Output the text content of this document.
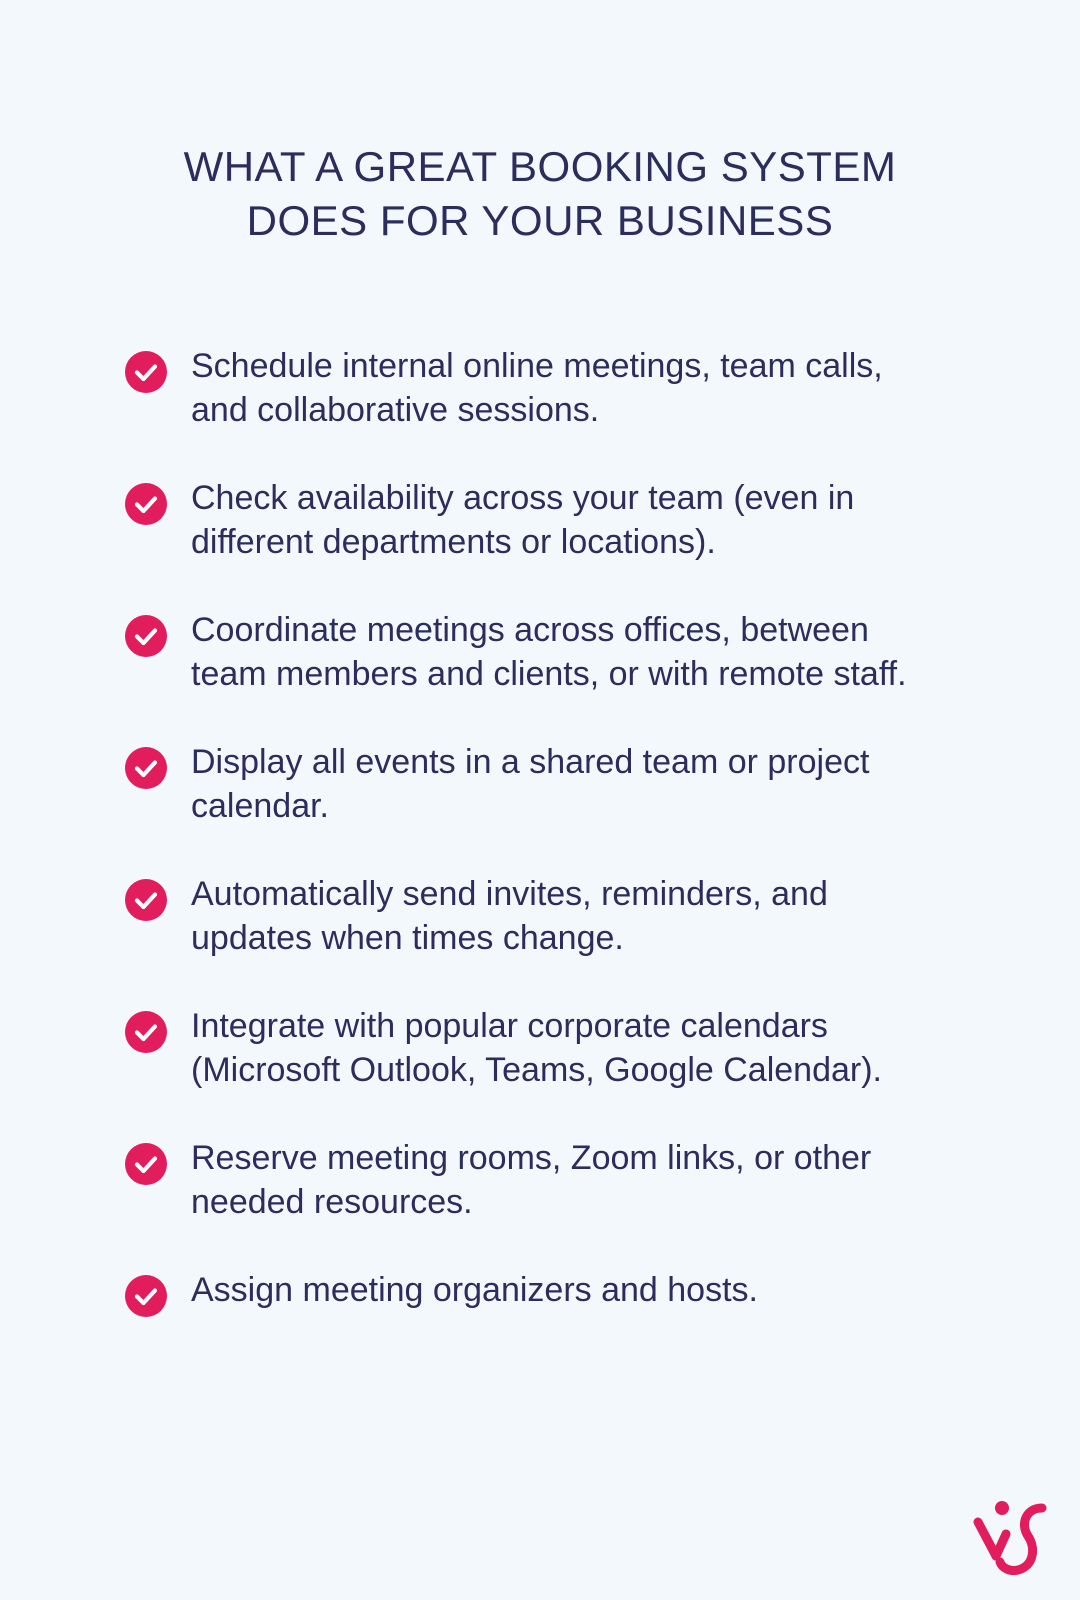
WHAT A GREAT BOOKING SYSTEM
DOES FOR YOUR BUSINESS
Schedule internal online meetings, team calls,
and collaborative sessions.
Check availability across your team (even in
different departments or locations).
Coordinate meetings across offices, between
team members and clients, or with remote staff.
Display all events in a shared team or project
calendar.
Automatically send invites, reminders, and
updates when times change.
Integrate with popular corporate calendars
(Microsoft Outlook, Teams, Google Calendar).
Reserve meeting rooms, Zoom links, or other
needed resources.
Assign meeting organizers and hosts.
